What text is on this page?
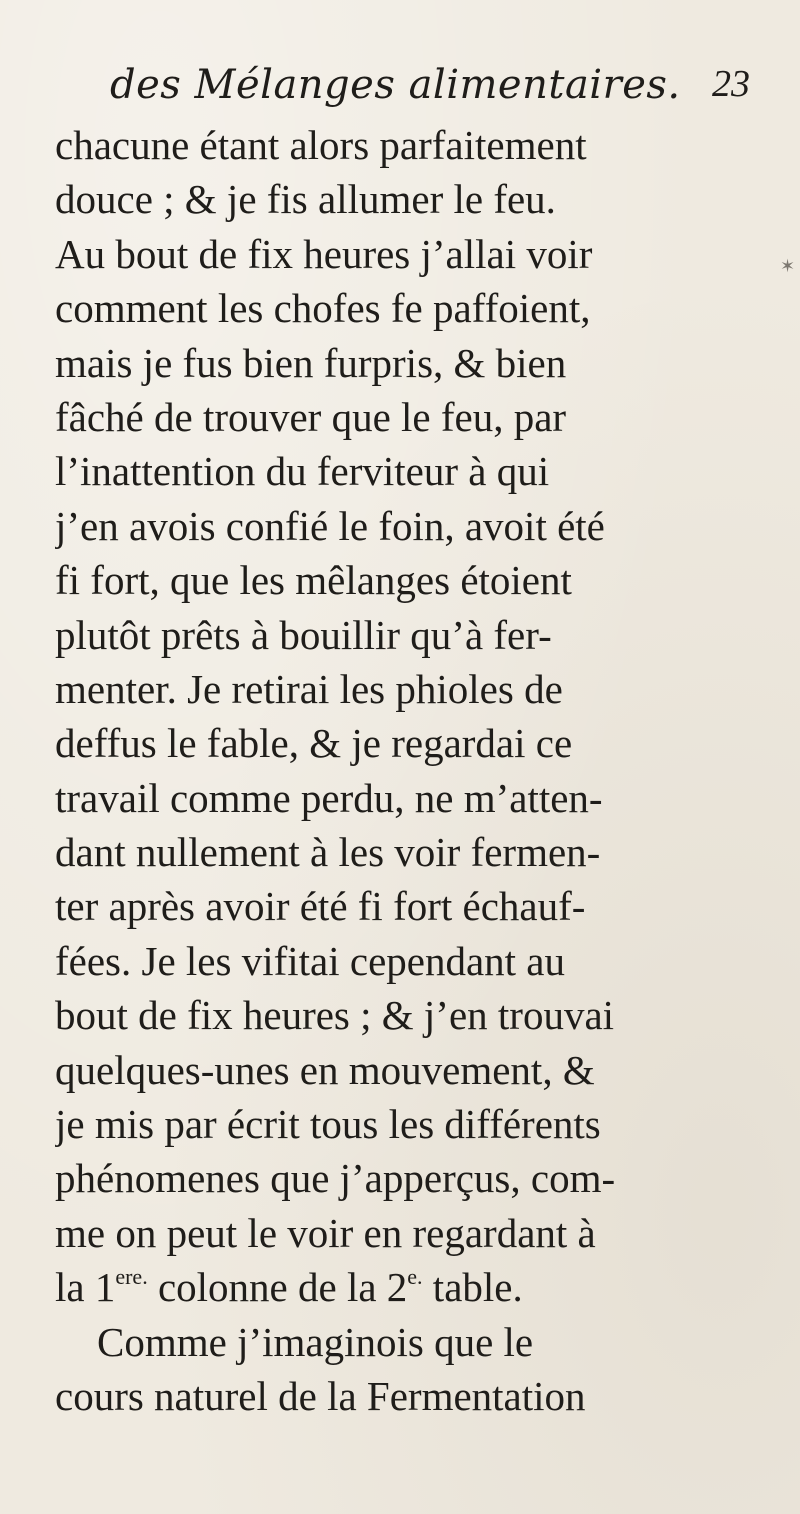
des Mélanges alimentaires. 23
✶
chacune étant alors parfaitement
douce ; & je fis allumer le feu.
Au bout de fix heures j’allai voir
comment les chofes fe paffoient,
mais je fus bien furpris, & bien
fâché de trouver que le feu, par
l’inattention du ferviteur à qui
j’en avois confié le foin, avoit été
fi fort, que les mêlanges étoient
plutôt prêts à bouillir qu’à fer-
menter. Je retirai les phioles de
deffus le fable, & je regardai ce
travail comme perdu, ne m’atten-
dant nullement à les voir fermen-
ter après avoir été fi fort échauf-
fées. Je les vifitai cependant au
bout de fix heures ; & j’en trouvai
quelques-unes en mouvement, &
je mis par écrit tous les différents
phénomenes que j’apperçus, com-
me on peut le voir en regardant à
la $1^{ere.}$ colonne de la $2^{e.}$ table.
Comme j’imaginois que le
cours naturel de la Fermentation
